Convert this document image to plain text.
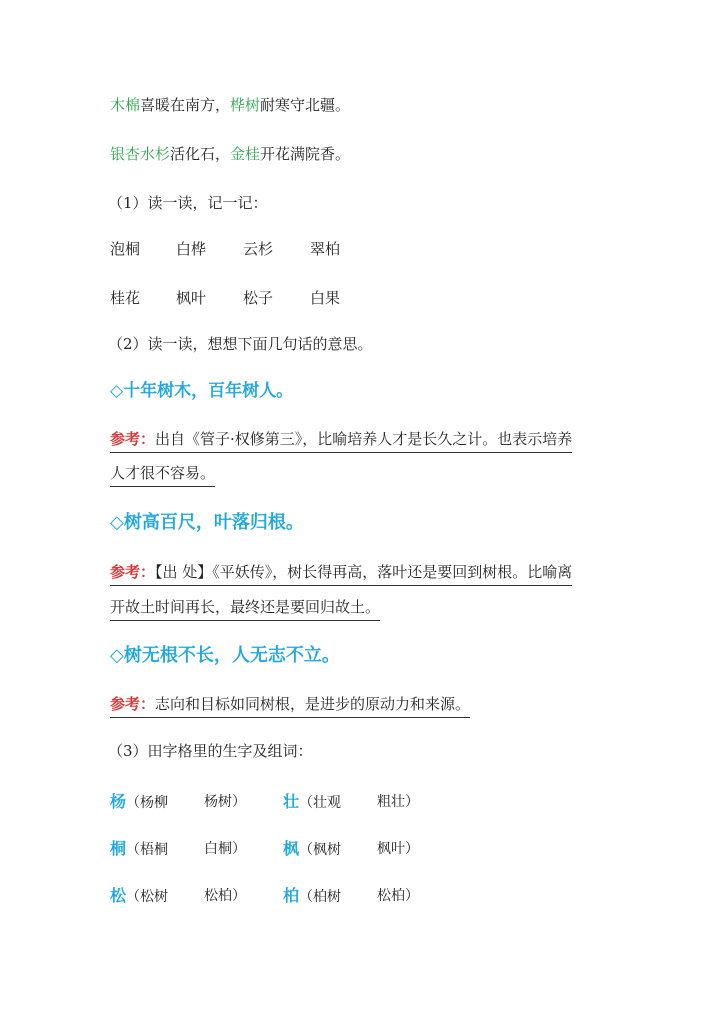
木棉喜暖在南方，桦树耐寒守北疆。
银杏水杉活化石，金桂开花满院香。
（1）读一读，记一记：
泡桐 白桦 云杉 翠柏
桂花 枫叶 松子 白果
（2）读一读，想想下面几句话的意思。
◇十年树木，百年树人。
参考：出自《管子·权修第三》，比喻培养人才是长久之计。也表示培养
人才很不容易。
◇树高百尺，叶落归根。
参考：【出 处】《平妖传》，树长得再高，落叶还是要回到树根。比喻离
开故土时间再长，最终还是要回归故土。
◇树无根不长，人无志不立。
参考：志向和目标如同树根，是进步的原动力和来源。
（3）田字格里的生字及组词：
杨（杨柳	杨树） 壮（壮观	粗壮）
桐（梧桐	白桐） 枫（枫树	枫叶）
松（松树	松柏） 柏（柏树	松柏）
